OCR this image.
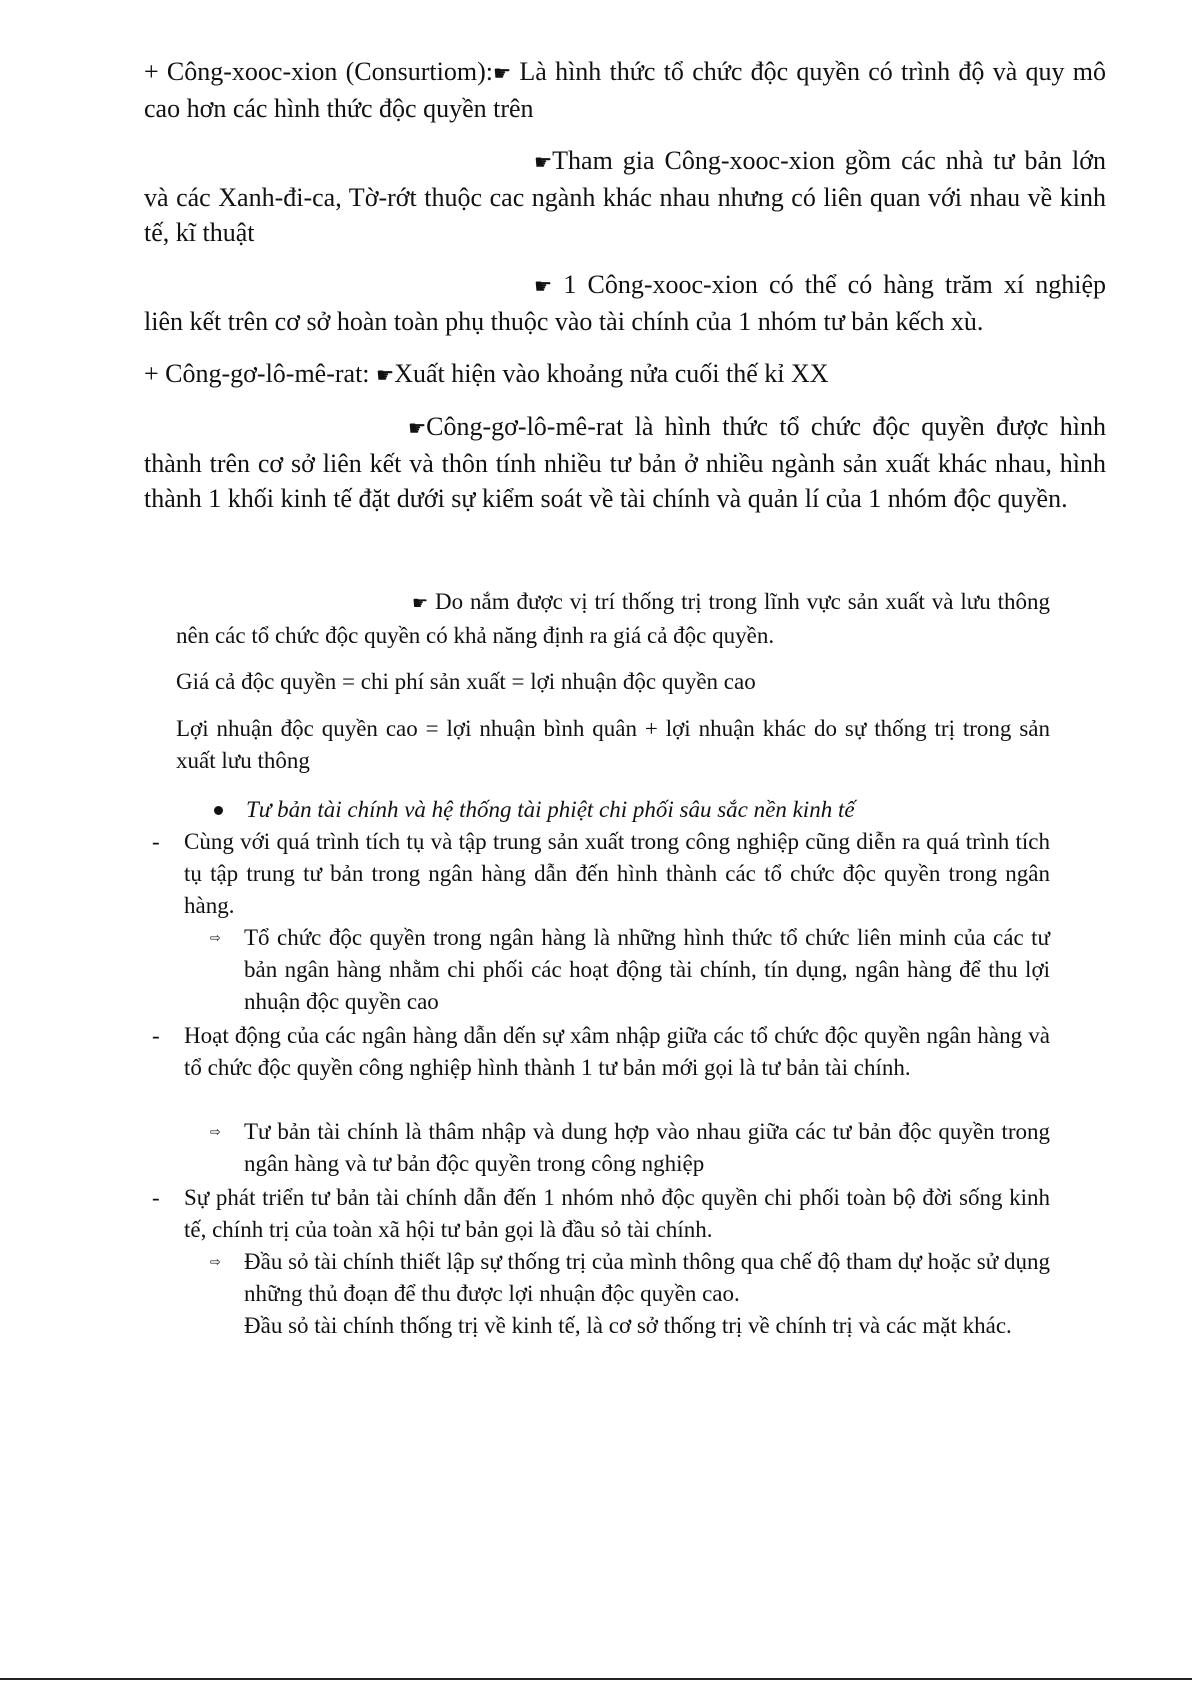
+ Công-xooc-xion (Consurtiom):☛ Là hình thức tổ chức độc quyền có trình độ và quy mô cao hơn các hình thức độc quyền trên

☛Tham gia Công-xooc-xion gồm các nhà tư bản lớn và các Xanh-đi-ca, Tờ-rớt thuộc cac ngành khác nhau nhưng có liên quan với nhau về kinh tế, kĩ thuật

☛ 1 Công-xooc-xion có thể có hàng trăm xí nghiệp liên kết trên cơ sở hoàn toàn phụ thuộc vào tài chính của 1 nhóm tư bản kếch xù.

+ Công-gơ-lô-mê-rat: ☛Xuất hiện vào khoảng nửa cuối thế kỉ XX

☛Công-gơ-lô-mê-rat là hình thức tổ chức độc quyền được hình thành trên cơ sở liên kết và thôn tính nhiều tư bản ở nhiều ngành sản xuất khác nhau, hình thành 1 khối kinh tế đặt dưới sự kiểm soát về tài chính và quản lí của 1 nhóm độc quyền.

☛ Do nắm được vị trí thống trị trong lĩnh vực sản xuất và lưu thông nên các tổ chức độc quyền có khả năng định ra giá cả độc quyền.

Giá cả độc quyền = chi phí sản xuất = lợi nhuận độc quyền cao

Lợi nhuận độc quyền cao = lợi nhuận bình quân + lợi nhuận khác do sự thống trị trong sản xuất lưu thông

Tư bản tài chính và hệ thống tài phiệt chi phối sâu sắc nền kinh tế

- Cùng với quá trình tích tụ và tập trung sản xuất trong công nghiệp cũng diễn ra quá trình tích tụ tập trung tư bản trong ngân hàng dẫn đến hình thành các tổ chức độc quyền trong ngân hàng.

⇨ Tổ chức độc quyền trong ngân hàng là những hình thức tổ chức liên minh của các tư bản ngân hàng nhằm chi phối các hoạt động tài chính, tín dụng, ngân hàng để thu lợi nhuận độc quyền cao

- Hoạt động của các ngân hàng dẫn dến sự xâm nhập giữa các tổ chức độc quyền ngân hàng và tổ chức độc quyền công nghiệp hình thành 1 tư bản mới gọi là tư bản tài chính.

⇨ Tư bản tài chính là thâm nhập và dung hợp vào nhau giữa các tư bản độc quyền trong ngân hàng và tư bản độc quyền trong công nghiệp

- Sự phát triển tư bản tài chính dẫn đến 1 nhóm nhỏ độc quyền chi phối toàn bộ đời sống kinh tế, chính trị của toàn xã hội tư bản gọi là đầu sỏ tài chính.

⇨ Đầu sỏ tài chính thiết lập sự thống trị của mình thông qua chế độ tham dự hoặc sử dụng những thủ đoạn để thu được lợi nhuận độc quyền cao.

Đầu sỏ tài chính thống trị về kinh tế, là cơ sở thống trị về chính trị và các mặt khác.
